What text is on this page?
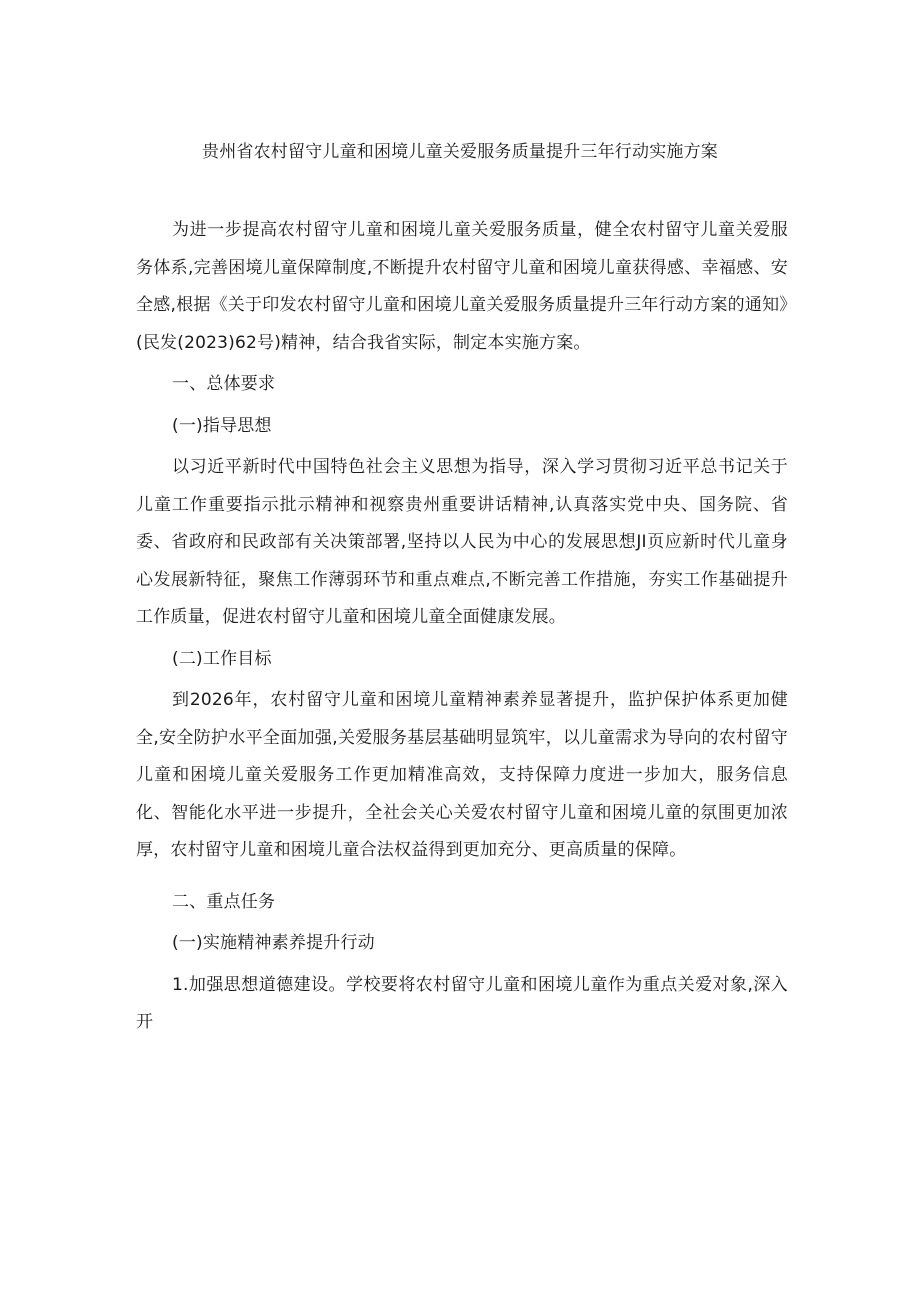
贵州省农村留守儿童和困境儿童关爱服务质量提升三年行动实施方案

为进一步提高农村留守儿童和困境儿童关爱服务质量，健全农村留守儿童关爱服务体系,完善困境儿童保障制度,不断提升农村留守儿童和困境儿童获得感、幸福感、安全感,根据《关于印发农村留守儿童和困境儿童关爱服务质量提升三年行动方案的通知》(民发(2023)62号)精神，结合我省实际，制定本实施方案。

一、总体要求

(一)指导思想

以习近平新时代中国特色社会主义思想为指导，深入学习贯彻习近平总书记关于儿童工作重要指示批示精神和视察贵州重要讲话精神,认真落实党中央、国务院、省委、省政府和民政部有关决策部署,坚持以人民为中心的发展思想JI页应新时代儿童身心发展新特征，聚焦工作薄弱环节和重点难点,不断完善工作措施，夯实工作基础提升工作质量，促进农村留守儿童和困境儿童全面健康发展。

(二)工作目标

到2026年，农村留守儿童和困境儿童精神素养显著提升，监护保护体系更加健全,安全防护水平全面加强,关爱服务基层基础明显筑牢，以儿童需求为导向的农村留守儿童和困境儿童关爱服务工作更加精准高效，支持保障力度进一步加大，服务信息化、智能化水平进一步提升，全社会关心关爱农村留守儿童和困境儿童的氛围更加浓厚，农村留守儿童和困境儿童合法权益得到更加充分、更高质量的保障。

二、重点任务

(一)实施精神素养提升行动

1.加强思想道德建设。学校要将农村留守儿童和困境儿童作为重点关爱对象,深入开
